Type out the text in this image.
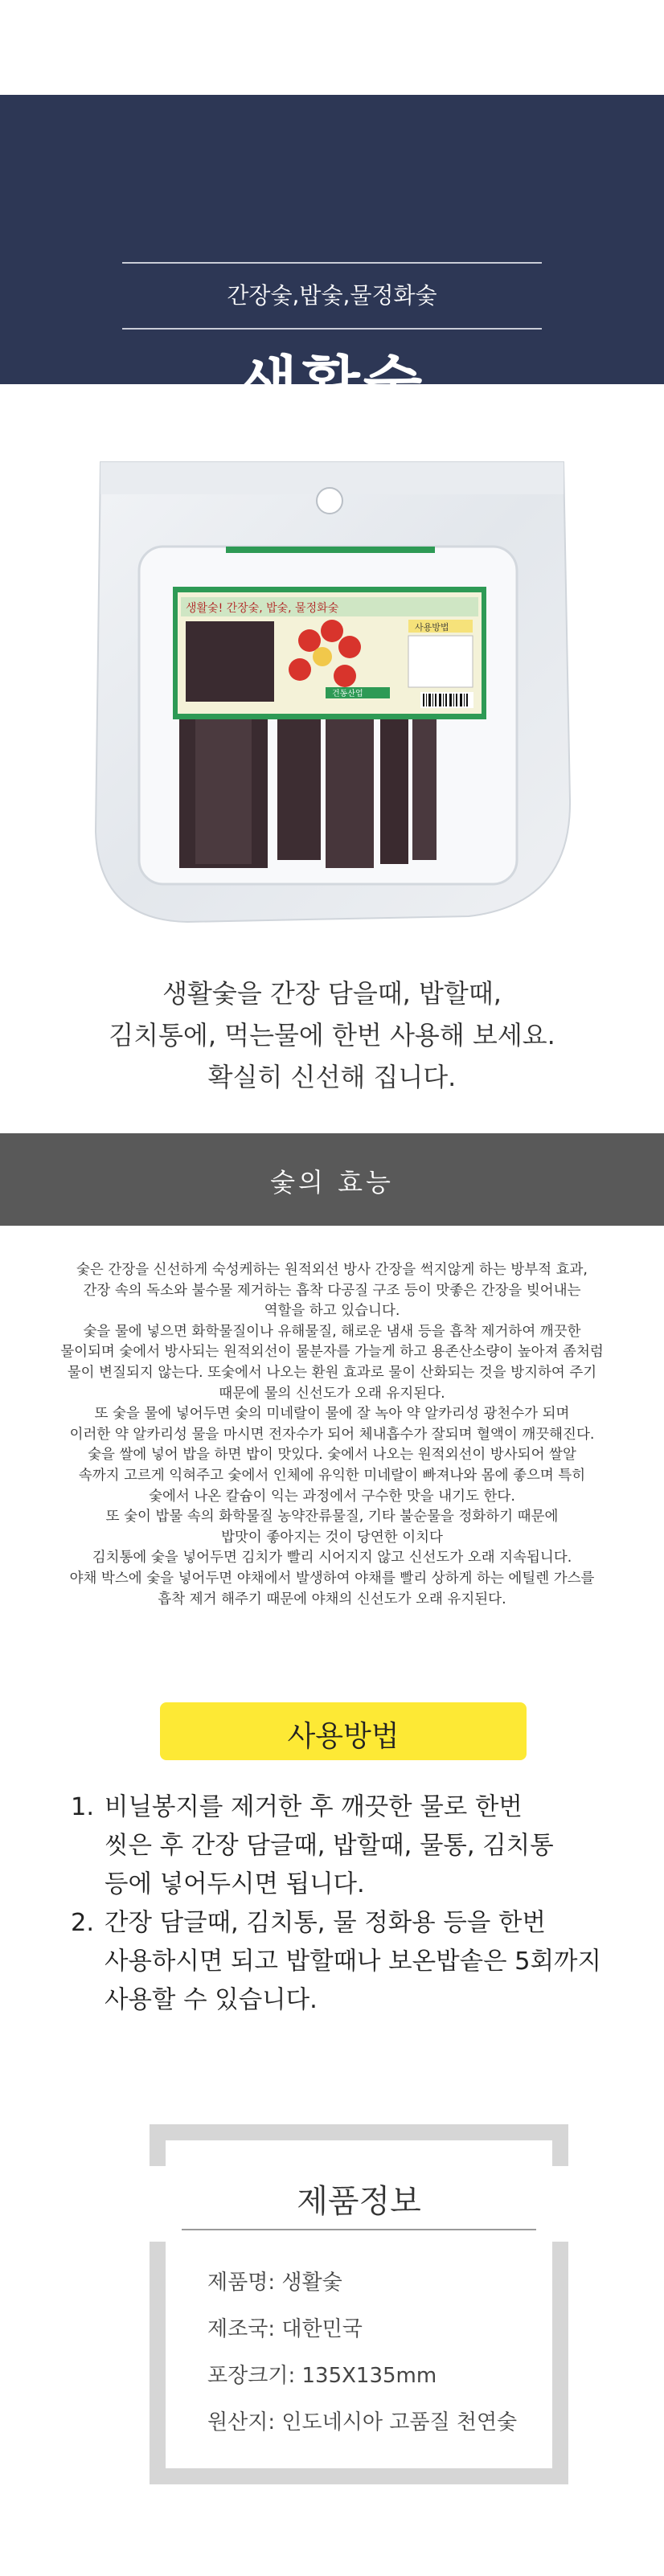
간장숯,밥숯,물정화숯
생활숯
생활숯! 간장숯, 밥숯, 물정화숯
사용방법
건동산업
생활숯을 간장 담을때, 밥할때,
김치통에, 먹는물에 한번 사용해 보세요.
확실히 신선해 집니다.
숯의 효능

숯은 간장을 신선하게 숙성케하는 원적외선 방사 간장을 썩지않게 하는 방부적 효과,

간장 속의 독소와 불수물 제거하는 흡착 다공질 구조 등이 맛좋은 간장을 빚어내는

역할을 하고 있습니다.

숯을 물에 넣으면 화학물질이나 유해물질, 해로운 냄새 등을 흡착 제거하여 깨끗한

물이되며 숯에서 방사되는 원적외선이 물분자를 가늘게 하고 용존산소량이 높아져 좀처럼

물이 변질되지 않는다. 또숯에서 나오는 환원 효과로 물이 산화되는 것을 방지하여 주기

때문에 물의 신선도가 오래 유지된다.

또 숯을 물에 넣어두면 숯의 미네랄이 물에 잘 녹아 약 알카리성 광천수가 되며

이러한 약 알카리성 물을 마시면 전자수가 되어 체내흡수가 잘되며 혈액이 깨끗해진다.

숯을 쌀에 넣어 밥을 하면 밥이 맛있다. 숯에서 나오는 원적외선이 방사되어 쌀알

속까지 고르게 익혀주고 숯에서 인체에 유익한 미네랄이 빠져나와 몸에 좋으며 특히

숯에서 나온 칼슘이 익는 과정에서 구수한 맛을 내기도 한다.

또 숯이 밥물 속의 화학물질 농약잔류물질, 기타 불순물을 정화하기 때문에

밥맛이 좋아지는 것이 당연한 이치다

김치통에 숯을 넣어두면 김치가 빨리 시어지지 않고 신선도가 오래 지속됩니다.

야채 박스에 숯을 넣어두면 야채에서 발생하여 야채를 빨리 상하게 하는 에틸렌 가스를

흡착 제거 해주기 때문에 야채의 신선도가 오래 유지된다.

사용방법
1. 비닐봉지를 제거한 후 깨끗한 물로 한번
씻은 후 간장 담글때, 밥할때, 물통, 김치통
등에 넣어두시면 됩니다.
2. 간장 담글때, 김치통, 물 정화용 등을 한번
사용하시면 되고 밥할때나 보온밥솥은 5회까지
사용할 수 있습니다.
제품정보
제품명: 생활숯
제조국: 대한민국
포장크기: 135X135mm
원산지: 인도네시아 고품질 천연숯
